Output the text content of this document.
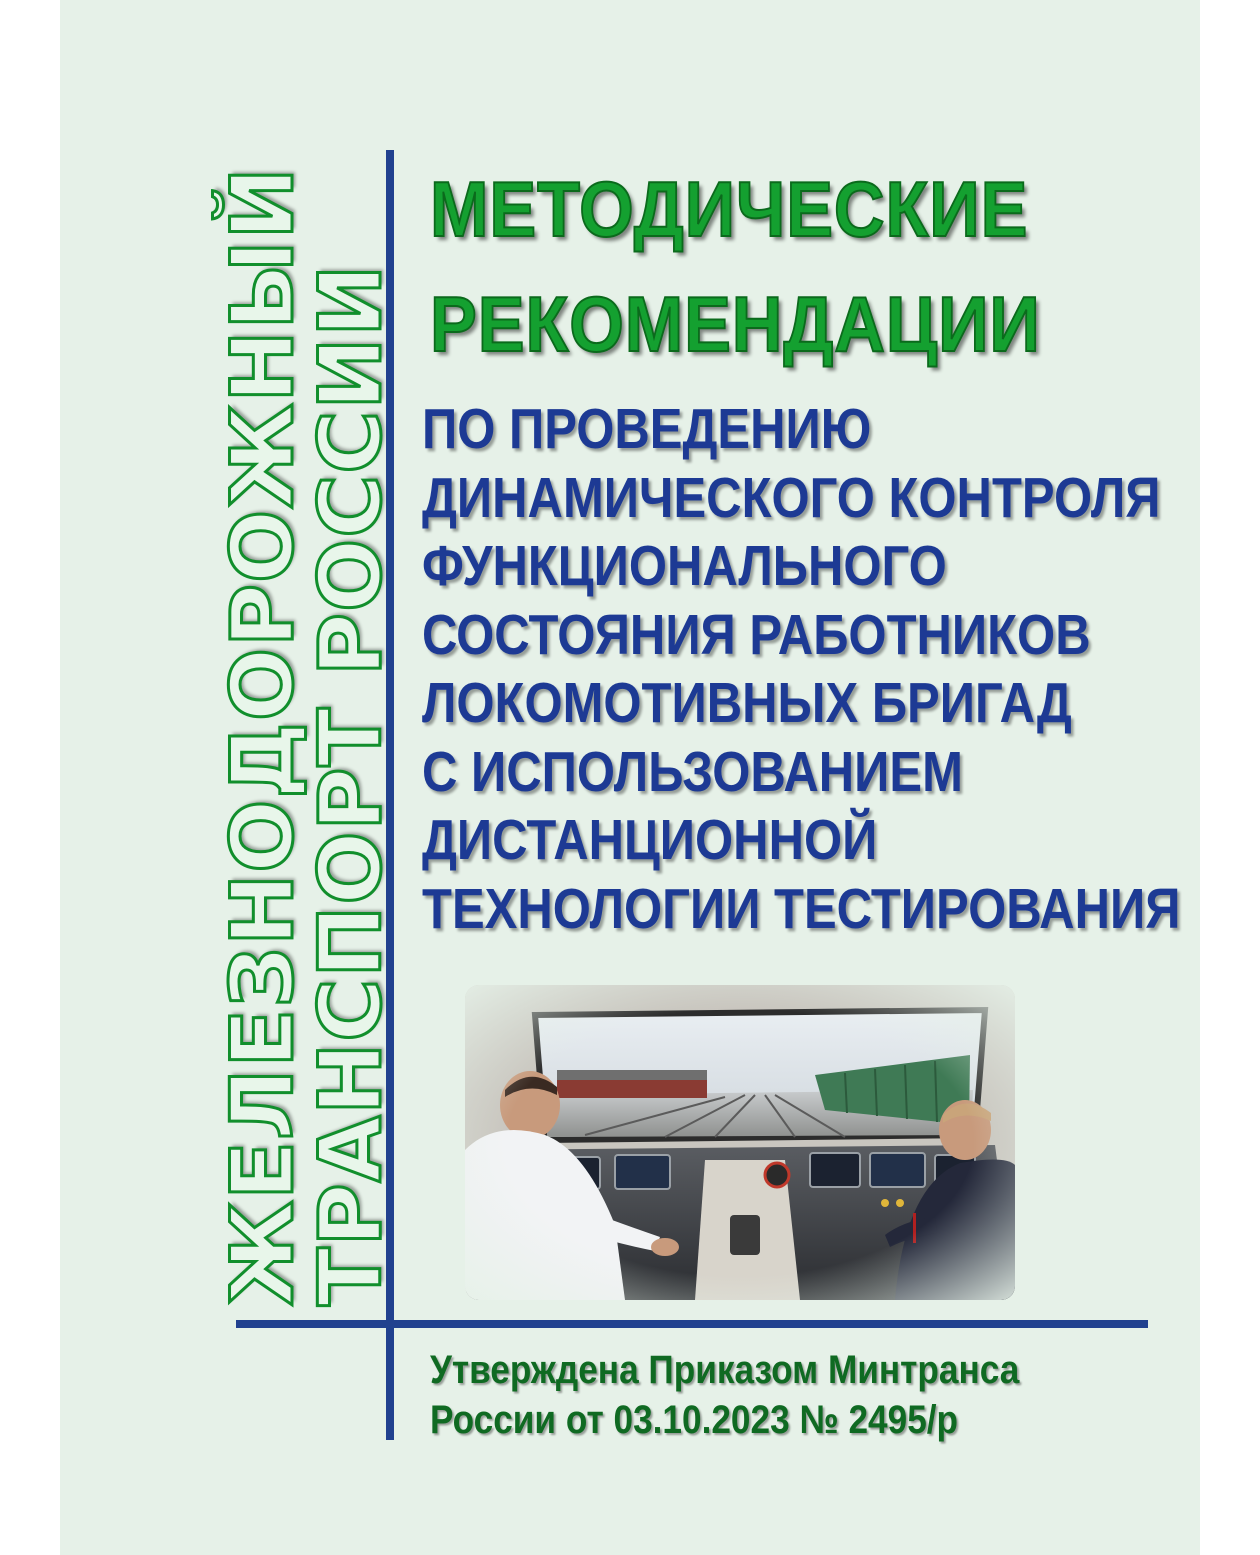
ЖЕЛЕЗНОДОРОЖНЫЙ
ТРАНСПОРТ РОССИИ
МЕТОДИЧЕСКИЕ
РЕКОМЕНДАЦИИ
ПО ПРОВЕДЕНИЮ
ДИНАМИЧЕСКОГО КОНТРОЛЯ
ФУНКЦИОНАЛЬНОГО
СОСТОЯНИЯ РАБОТНИКОВ
ЛОКОМОТИВНЫХ БРИГАД
С ИСПОЛЬЗОВАНИЕМ
ДИСТАНЦИОННОЙ
ТЕХНОЛОГИИ ТЕСТИРОВАНИЯ
Утверждена Приказом Минтранса
России от 03.10.2023 № 2495/р
